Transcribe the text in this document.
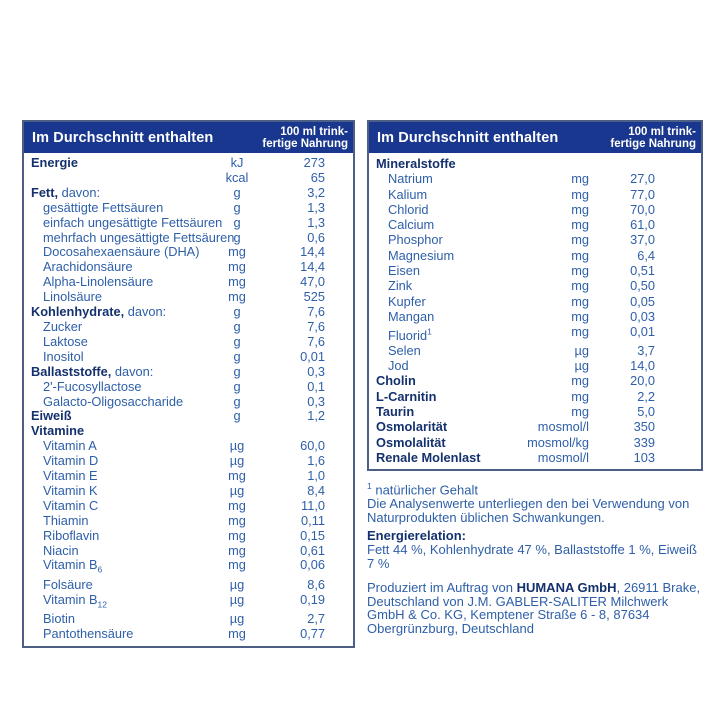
Im Durchschnitt enthalten	100 ml trink-
fertige Nahrung
Energie	kJ	273
	kcal	65
Fett, davon:	g	3,2
gesättigte Fettsäuren	g	1,3
einfach ungesättigte Fettsäuren	g	1,3
mehrfach ungesättigte Fettsäuren	g	0,6
Docosahexaensäure (DHA)	mg	14,4
Arachidonsäure	mg	14,4
Alpha-Linolensäure	mg	47,0
Linolsäure	mg	525
Kohlenhydrate, davon:	g	7,6
Zucker	g	7,6
Laktose	g	7,6
Inositol	g	0,01
Ballaststoffe, davon:	g	0,3
2'-Fucosyllactose	g	0,1
Galacto-Oligosaccharide	g	0,3
Eiweiß	g	1,2
Vitamine		
Vitamin A	µg	60,0
Vitamin D	µg	1,6
Vitamin E	mg	1,0
Vitamin K	µg	8,4
Vitamin C	mg	11,0
Thiamin	mg	0,11
Riboflavin	mg	0,15
Niacin	mg	0,61
Vitamin $B_6$	mg	0,06
Folsäure	µg	8,6
Vitamin $B_{12}$	µg	0,19
Biotin	µg	2,7
Pantothensäure	mg	0,77
Im Durchschnitt enthalten	100 ml trink-
fertige Nahrung
Mineralstoffe		
Natrium	mg	27,0
Kalium	mg	77,0
Chlorid	mg	70,0
Calcium	mg	61,0
Phosphor	mg	37,0
Magnesium	mg	6,4
Eisen	mg	0,51
Zink	mg	0,50
Kupfer	mg	0,05
Mangan	mg	0,03
Fluorid$^1$	mg	0,01
Selen	µg	3,7
Jod	µg	14,0
Cholin	mg	20,0
L-Carnitin	mg	2,2
Taurin	mg	5,0
Osmolarität	mosmol/l	350
Osmolalität	mosmol/kg	339
Renale Molenlast	mosmol/l	103

$^1$ natürlicher Gehalt

Die Analysenwerte unterliegen den bei Verwendung von Naturprodukten üblichen Schwankungen.

Energierelation:

Fett 44 %, Kohlenhydrate 47 %, Ballaststoffe 1 %, Eiweiß 7 %

Produziert im Auftrag von HUMANA GmbH, 26911 Brake, Deutschland von J.M. GABLER-SALITER Milchwerk GmbH & Co. KG, Kemptener Straße 6 - 8, 87634 Obergrünzburg, Deutschland
